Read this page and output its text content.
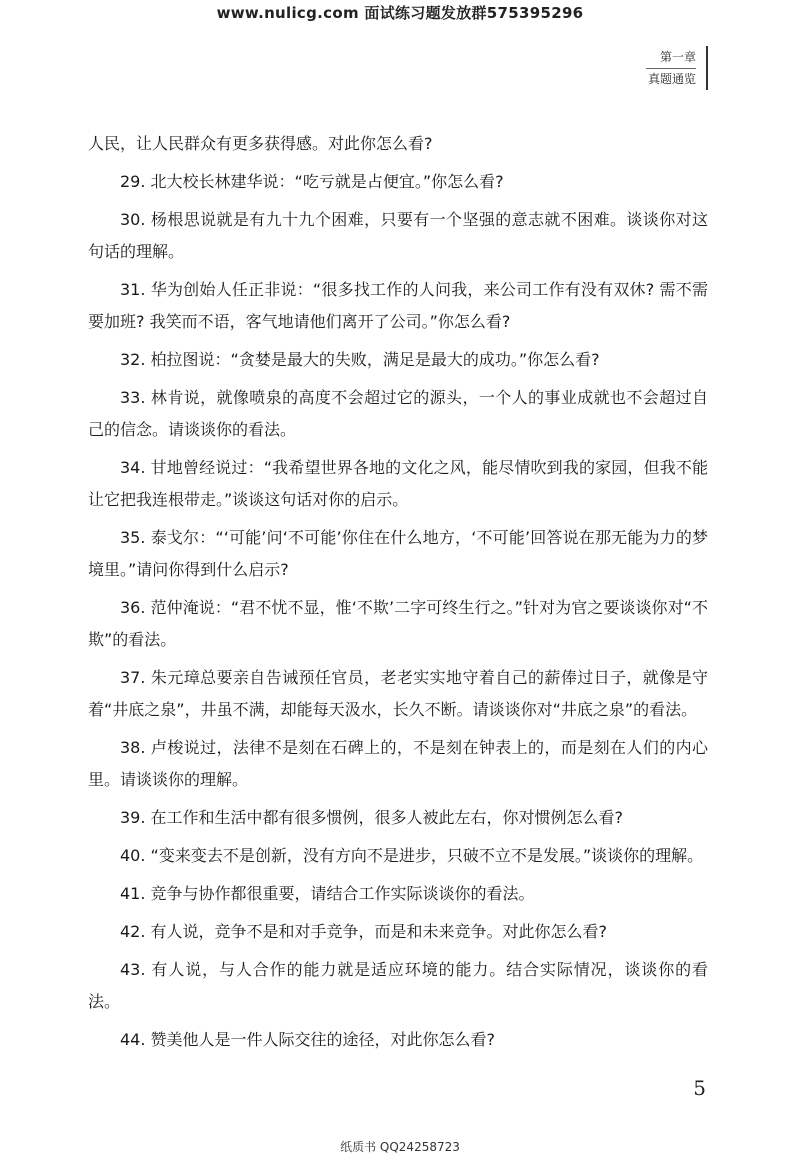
www.nulicg.com 面试练习题发放群575395296
第一章
真题通览

人民，让人民群众有更多获得感。对此你怎么看?

29. 北大校长林建华说：“吃亏就是占便宜。”你怎么看?

30. 杨根思说就是有九十九个困难，只要有一个坚强的意志就不困难。谈谈你对这句话的理解。

31. 华为创始人任正非说：“很多找工作的人问我，来公司工作有没有双休? 需不需要加班? 我笑而不语，客气地请他们离开了公司。”你怎么看?

32. 柏拉图说：“贪婪是最大的失败，满足是最大的成功。”你怎么看?

33. 林肯说，就像喷泉的高度不会超过它的源头，一个人的事业成就也不会超过自己的信念。请谈谈你的看法。

34. 甘地曾经说过：“我希望世界各地的文化之风，能尽情吹到我的家园，但我不能让它把我连根带走。”谈谈这句话对你的启示。

35. 泰戈尔：“‘可能’问‘不可能’你住在什么地方，‘不可能’回答说在那无能为力的梦境里。”请问你得到什么启示?

36. 范仲淹说：“君不忧不显，惟‘不欺’二字可终生行之。”针对为官之要谈谈你对“不欺”的看法。

37. 朱元璋总要亲自告诫预任官员，老老实实地守着自己的薪俸过日子，就像是守着“井底之泉”，井虽不满，却能每天汲水，长久不断。请谈谈你对“井底之泉”的看法。

38. 卢梭说过，法律不是刻在石碑上的，不是刻在钟表上的，而是刻在人们的内心里。请谈谈你的理解。

39. 在工作和生活中都有很多惯例，很多人被此左右，你对惯例怎么看?

40. “变来变去不是创新，没有方向不是进步，只破不立不是发展。”谈谈你的理解。

41. 竞争与协作都很重要，请结合工作实际谈谈你的看法。

42. 有人说，竞争不是和对手竞争，而是和未来竞争。对此你怎么看?

43. 有人说，与人合作的能力就是适应环境的能力。结合实际情况，谈谈你的看法。

44. 赞美他人是一件人际交往的途径，对此你怎么看?

5
纸质书 QQ24258723
